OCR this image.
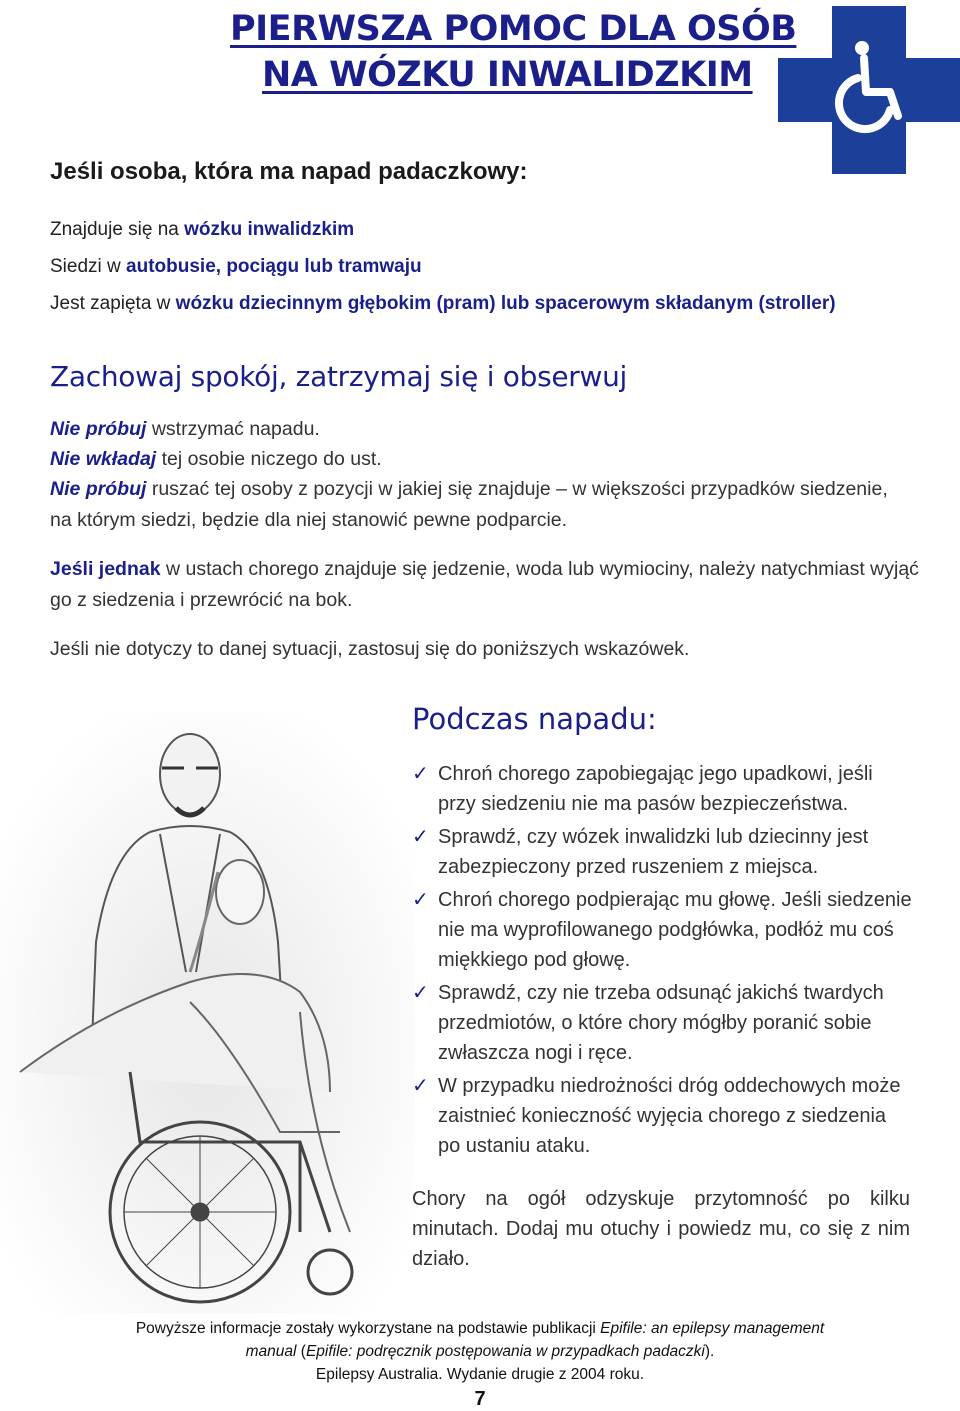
PIERWSZA POMOC DLA OSÓB
NA WÓZKU INWALIDZKIM
Jeśli osoba, która ma napad padaczkowy:
Znajduje się na wózku inwalidzkim
Siedzi w autobusie, pociągu lub tramwaju
Jest zapięta w wózku dziecinnym głębokim (pram) lub spacerowym składanym (stroller)
Zachowaj spokój, zatrzymaj się i obserwuj
Nie próbuj wstrzymać napadu.
Nie wkładaj tej osobie niczego do ust.
Nie próbuj ruszać tej osoby z pozycji w jakiej się znajduje – w większości przypadków siedzenie, na którym siedzi, będzie dla niej stanowić pewne podparcie.
Jeśli jednak w ustach chorego znajduje się jedzenie, woda lub wymiociny, należy natychmiast wyjąć go z siedzenia i przewrócić na bok.
Jeśli nie dotyczy to danej sytuacji, zastosuj się do poniższych wskazówek.
Podczas napadu:
✓ Chroń chorego zapobiegając jego upadkowi, jeśli przy siedzeniu nie ma pasów bezpieczeństwa.
✓ Sprawdź, czy wózek inwalidzki lub dziecinny jest zabezpieczony przed ruszeniem z miejsca.
✓ Chroń chorego podpierając mu głowę. Jeśli siedzenie nie ma wyprofilowanego podgłówka, podłóż mu coś miękkiego pod głowę.
✓ Sprawdź, czy nie trzeba odsunąć jakichś twardych przedmiotów, o które chory mógłby poranić sobie zwłaszcza nogi i ręce.
✓ W przypadku niedrożności dróg oddechowych może zaistnieć konieczność wyjęcia chorego z siedzenia po ustaniu ataku.
Chory na ogół odzyskuje przytomność po kilku minutach. Dodaj mu otuchy i powiedz mu, co się z nim działo.
Powyższe informacje zostały wykorzystane na podstawie publikacji Epifile: an epilepsy management
manual (Epifile: podręcznik postępowania w przypadkach padaczki).
Epilepsy Australia. Wydanie drugie z 2004 roku.
7
